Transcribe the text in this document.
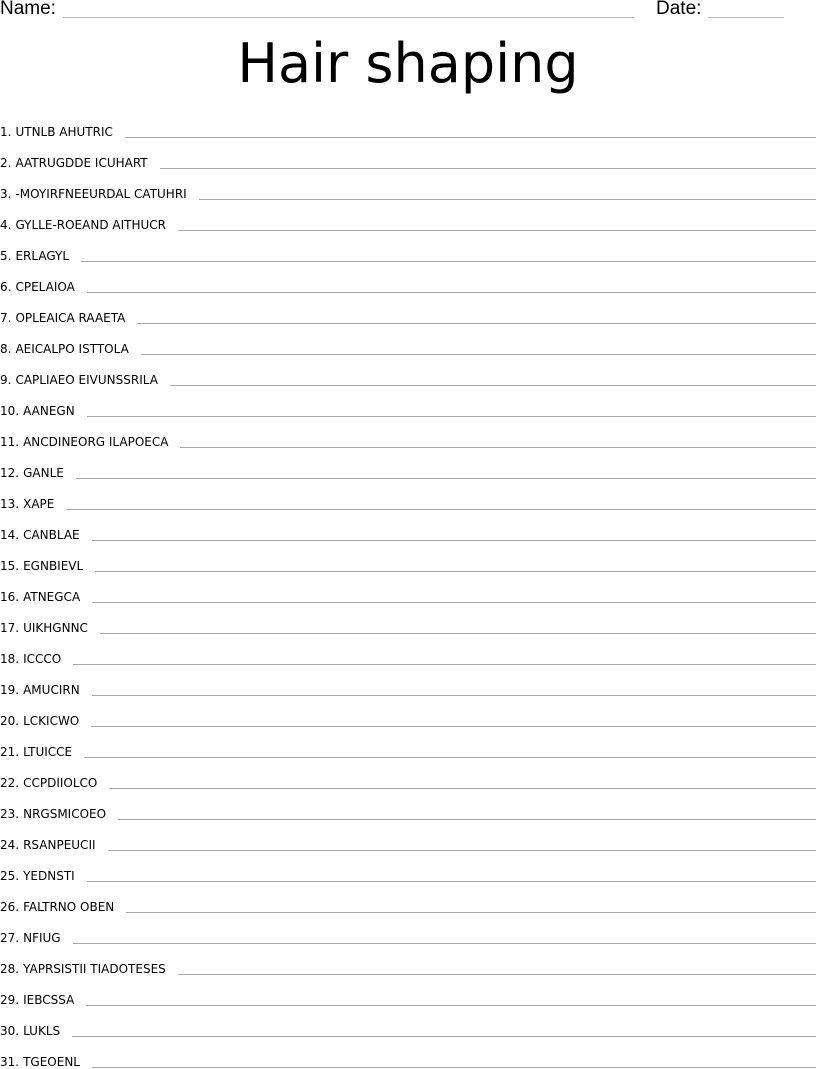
Name:	Date:
Hair shaping
1. UTNLB AHUTRIC
2. AATRUGDDE ICUHART
3. -MOYIRFNEEURDAL CATUHRI
4. GYLLE-ROEAND AITHUCR
5. ERLAGYL
6. CPELAIOA
7. OPLEAICA RAAETA
8. AEICALPO ISTTOLA
9. CAPLIAEO EIVUNSSRILA
10. AANEGN
11. ANCDINEORG ILAPOECA
12. GANLE
13. XAPE
14. CANBLAE
15. EGNBIEVL
16. ATNEGCA
17. UIKHGNNC
18. ICCCO
19. AMUCIRN
20. LCKICWO
21. LTUICCE
22. CCPDIIOLCO
23. NRGSMICOEO
24. RSANPEUCII
25. YEDNSTI
26. FALTRNO OBEN
27. NFIUG
28. YAPRSISTII TIADOTESES
29. IEBCSSA
30. LUKLS
31. TGEOENL
